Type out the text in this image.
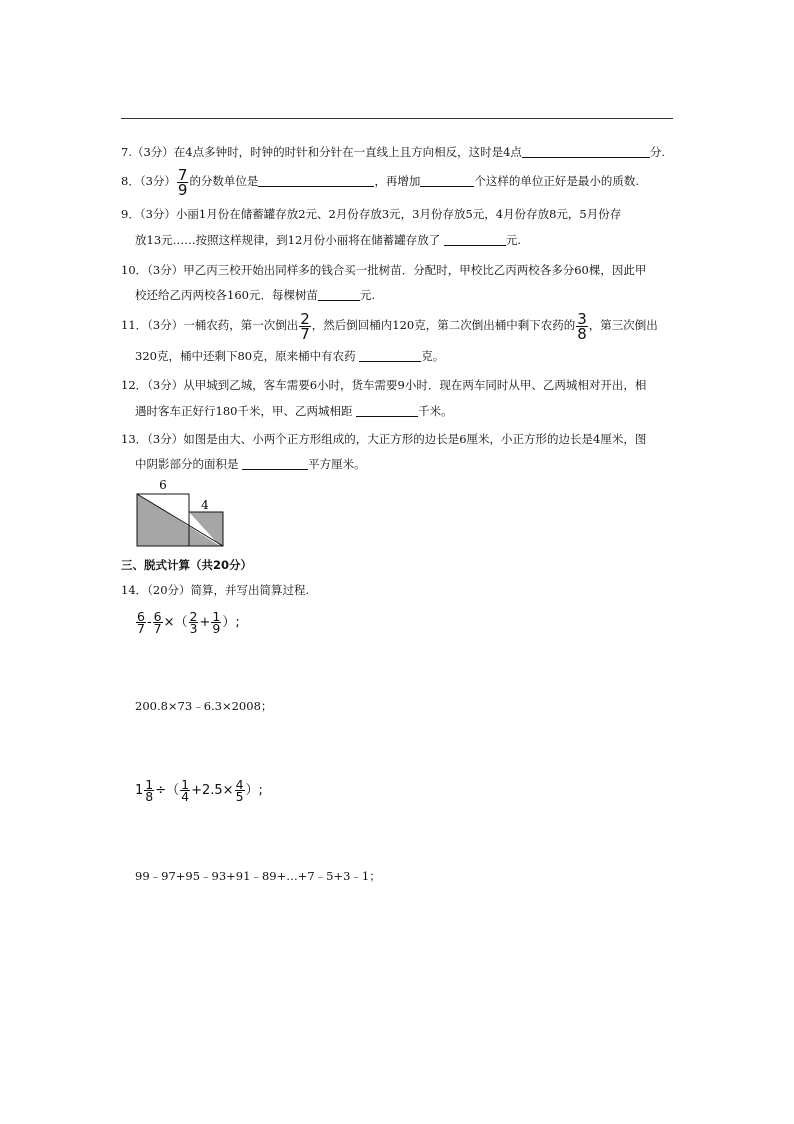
7.（3分）在4点多钟时，时钟的时针和分针在一直线上且方向相反，这时是4点	分.
8．（3分） $\frac{7}{9}$ 的分数单位是	，再增加	个这样的单位正好是最小的质数.
9．（3分）小丽1月份在储蓄罐存放2元、2月份存放3元，3月份存放5元，4月份存放8元，5月份存
放13元……按照这样规律，到12月份小丽将在储蓄罐存放了	元.
10．（3分）甲乙丙三校开始出同样多的钱合买一批树苗．分配时，甲校比乙丙两校各多分60棵，因此甲
校还给乙丙两校各160元．每棵树苗	元.
11．（3分）一桶农药，第一次倒出 $\frac{2}{7}$ ，然后倒回桶内120克，第二次倒出桶中剩下农药的 $\frac{3}{8}$ ，第三次倒出
320克，桶中还剩下80克，原来桶中有农药	克。
12．（3分）从甲城到乙城，客车需要6小时，货车需要9小时．现在两车同时从甲、乙两城相对开出，相
遇时客车正好行180千米，甲、乙两城相距	千米。
13．（3分）如图是由大、小两个正方形组成的，大正方形的边长是6厘米，小正方形的边长是4厘米，图
中阴影部分的面积是	平方厘米。
6
4
三、脱式计算（共20分）
14．（20分）简算，并写出简算过程.
$\frac{6}{7} - \frac{6}{7}$ ×（ $\frac{2}{3} + \frac{1}{9}$ ）;
200.8×73﹣6.3×2008；
$1 \frac{1}{8}$ ÷（ $\frac{1}{4} +2.5\times \frac{4}{5}$ ）;
99﹣97+95﹣93+91﹣89+…+7﹣5+3﹣1；
